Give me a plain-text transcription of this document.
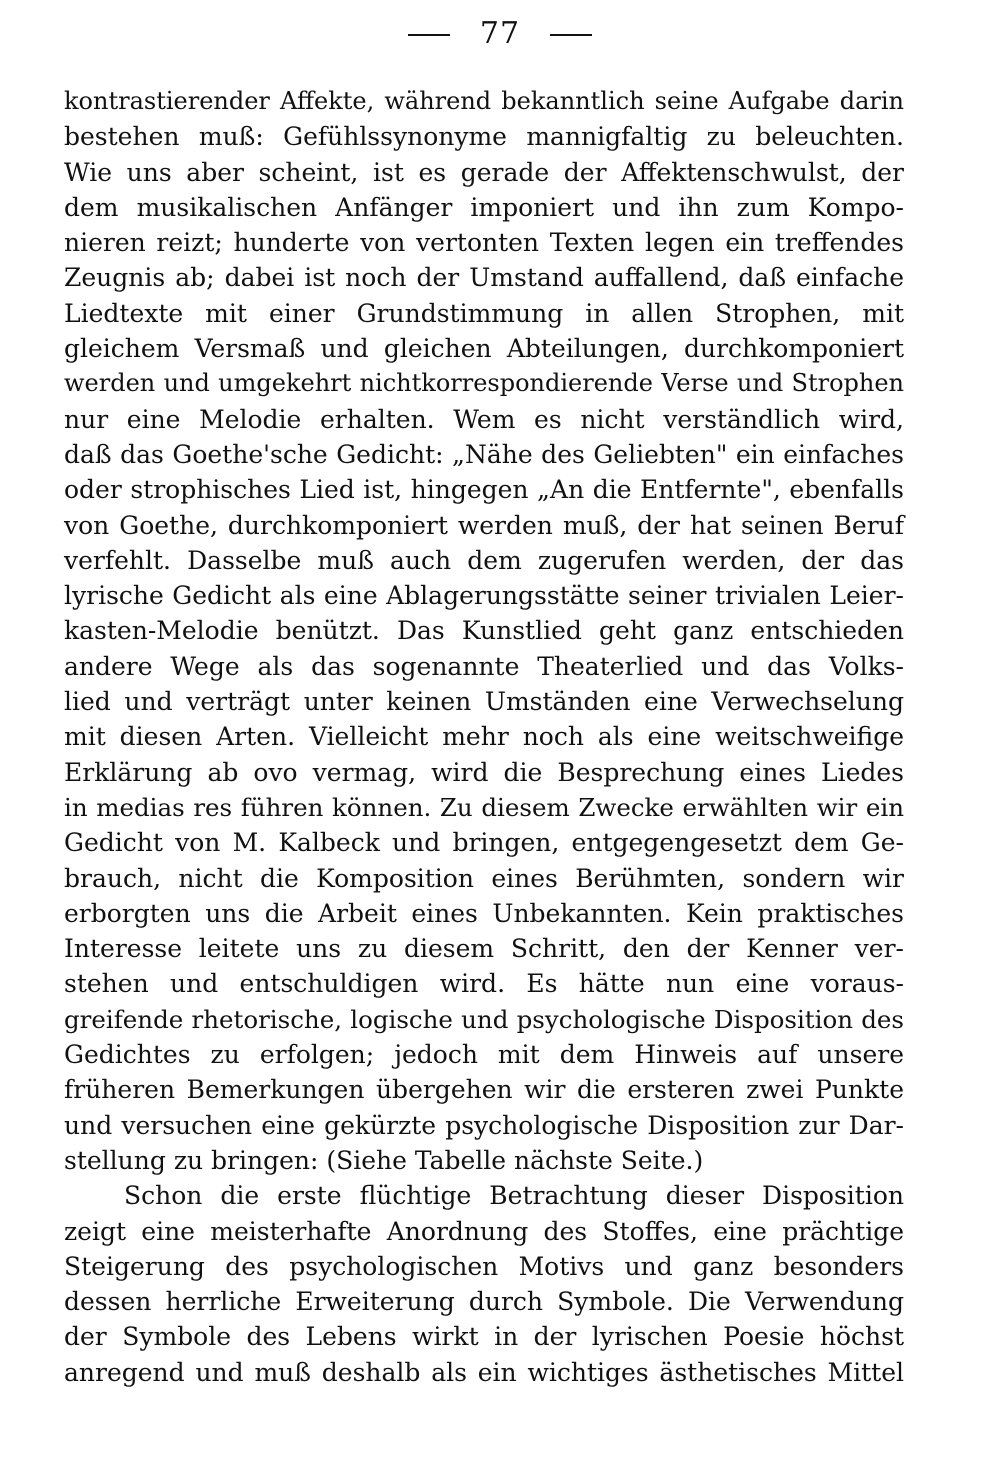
77
kontrastierender Affekte, während bekanntlich seine Aufgabe darin
bestehen muß: Gefühlssynonyme mannigfaltig zu beleuchten.
Wie uns aber scheint, ist es gerade der Affektenschwulst, der
dem musikalischen Anfänger imponiert und ihn zum Kompo-
nieren reizt; hunderte von vertonten Texten legen ein treffendes
Zeugnis ab; dabei ist noch der Umstand auffallend, daß einfache
Liedtexte mit einer Grundstimmung in allen Strophen, mit
gleichem Versmaß und gleichen Abteilungen, durchkomponiert
werden und umgekehrt nichtkorrespondierende Verse und Strophen
nur eine Melodie erhalten. Wem es nicht verständlich wird,
daß das Goethe'sche Gedicht: „Nähe des Geliebten" ein einfaches
oder strophisches Lied ist, hingegen „An die Entfernte", ebenfalls
von Goethe, durchkomponiert werden muß, der hat seinen Beruf
verfehlt. Dasselbe muß auch dem zugerufen werden, der das
lyrische Gedicht als eine Ablagerungsstätte seiner trivialen Leier-
kasten-Melodie benützt. Das Kunstlied geht ganz entschieden
andere Wege als das sogenannte Theaterlied und das Volks-
lied und verträgt unter keinen Umständen eine Verwechselung
mit diesen Arten. Vielleicht mehr noch als eine weitschweifige
Erklärung ab ovo vermag, wird die Besprechung eines Liedes
in medias res führen können. Zu diesem Zwecke erwählten wir ein
Gedicht von M. Kalbeck und bringen, entgegengesetzt dem Ge-
brauch, nicht die Komposition eines Berühmten, sondern wir
erborgten uns die Arbeit eines Unbekannten. Kein praktisches
Interesse leitete uns zu diesem Schritt, den der Kenner ver-
stehen und entschuldigen wird. Es hätte nun eine voraus-
greifende rhetorische, logische und psychologische Disposition des
Gedichtes zu erfolgen; jedoch mit dem Hinweis auf unsere
früheren Bemerkungen übergehen wir die ersteren zwei Punkte
und versuchen eine gekürzte psychologische Disposition zur Dar-
stellung zu bringen: (Siehe Tabelle nächste Seite.)
Schon die erste flüchtige Betrachtung dieser Disposition
zeigt eine meisterhafte Anordnung des Stoffes, eine prächtige
Steigerung des psychologischen Motivs und ganz besonders
dessen herrliche Erweiterung durch Symbole. Die Verwendung
der Symbole des Lebens wirkt in der lyrischen Poesie höchst
anregend und muß deshalb als ein wichtiges ästhetisches Mittel
